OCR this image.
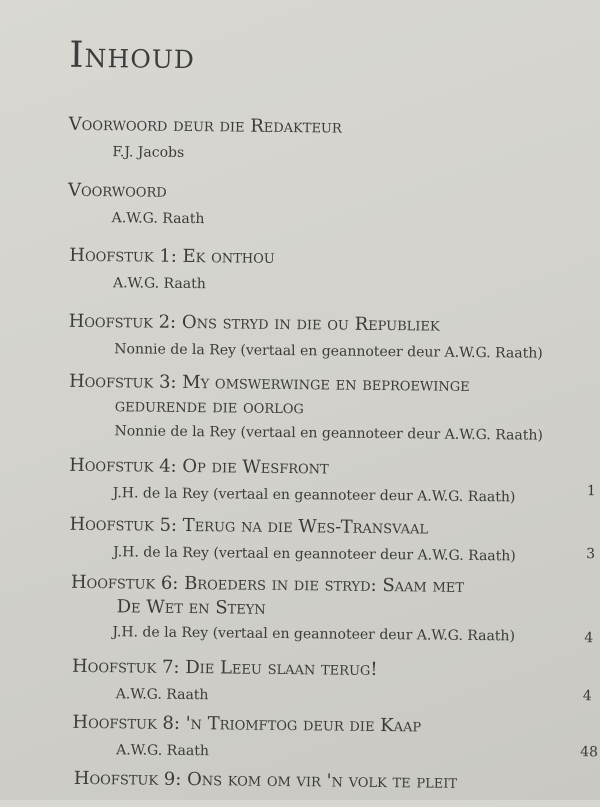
Inhoud
Voorwoord deur die Redakteur
F.J. Jacobs
Voorwoord
A.W.G. Raath
Hoofstuk 1: Ek onthou
A.W.G. Raath
Hoofstuk 2: Ons stryd in die ou Republiek
Nonnie de la Rey (vertaal en geannoteer deur A.W.G. Raath)
Hoofstuk 3: My omswerwinge en beproewinge
gedurende die oorlog
Nonnie de la Rey (vertaal en geannoteer deur A.W.G. Raath)
Hoofstuk 4: Op die Wesfront
J.H. de la Rey (vertaal en geannoteer deur A.W.G. Raath)	1
Hoofstuk 5: Terug na die Wes-Transvaal
J.H. de la Rey (vertaal en geannoteer deur A.W.G. Raath)	3
Hoofstuk 6: Broeders in die stryd: Saam met
De Wet en Steyn
J.H. de la Rey (vertaal en geannoteer deur A.W.G. Raath)	4
Hoofstuk 7: Die Leeu slaan terug!
A.W.G. Raath	4
Hoofstuk 8: 'n Triomftog deur die Kaap
A.W.G. Raath	48
Hoofstuk 9: Ons kom om vir 'n volk te pleit
